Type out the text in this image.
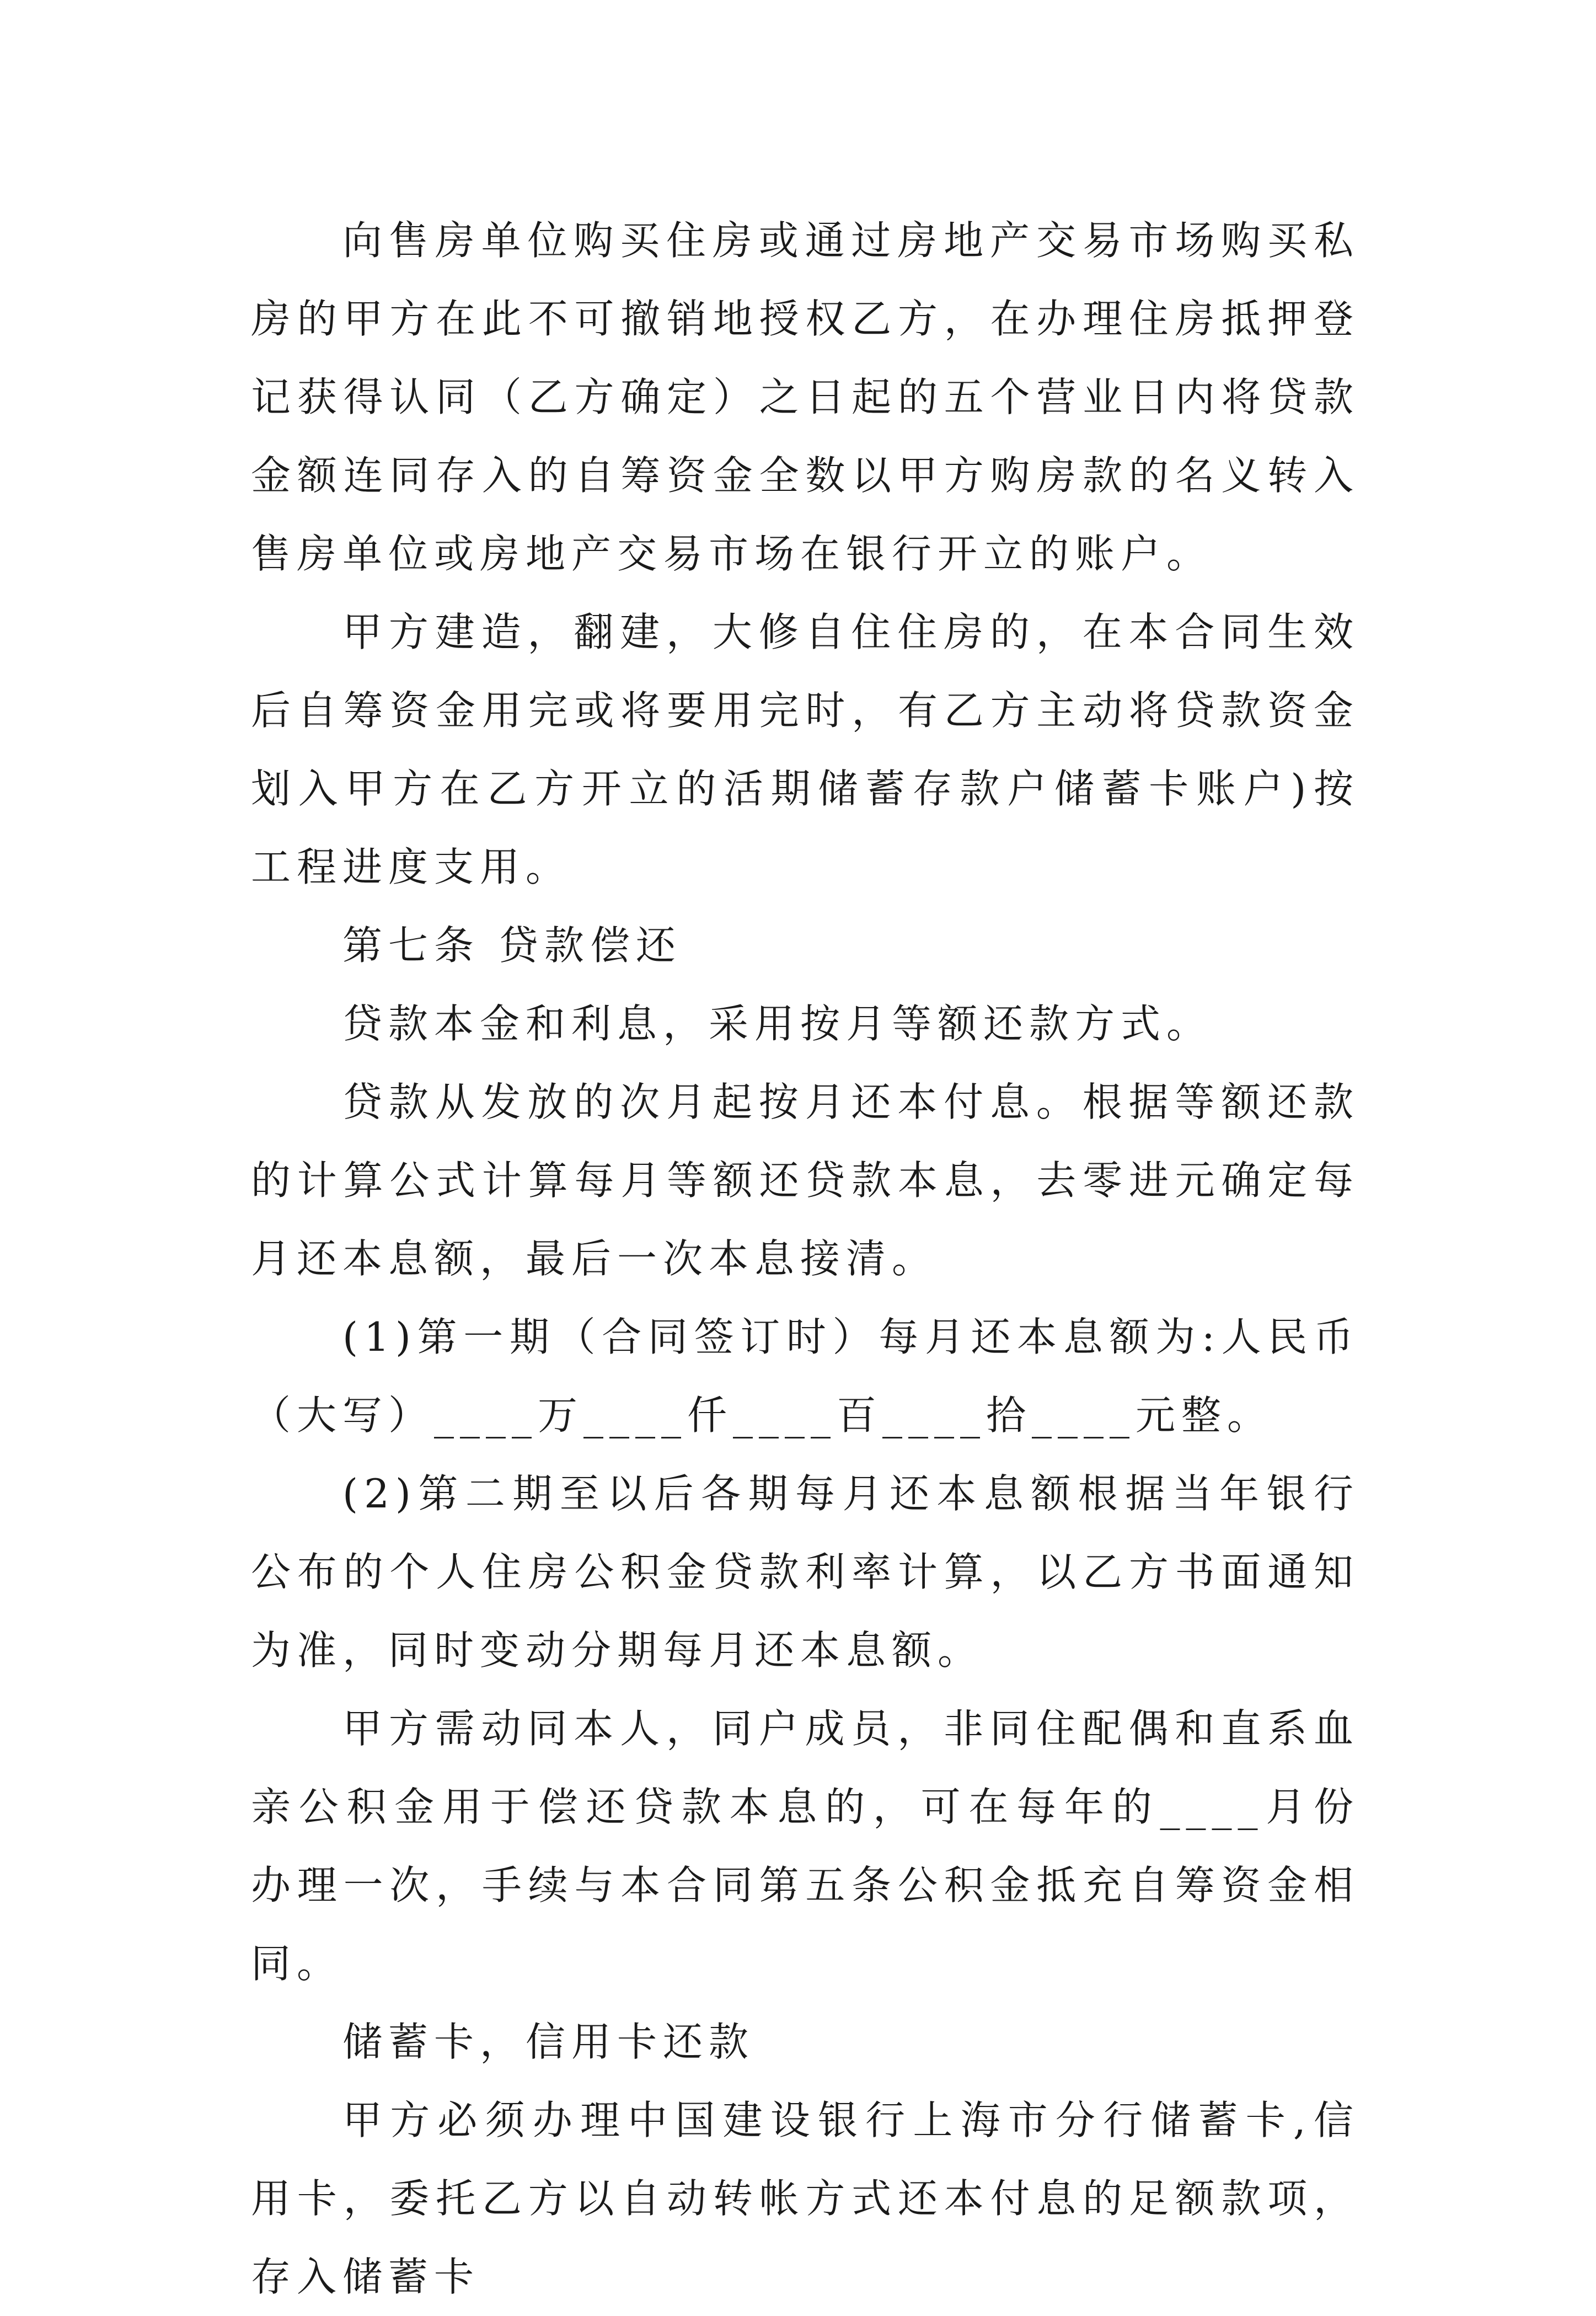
向售房单位购买住房或通过房地产交易市场购买私房的甲方在此不可撤销地授权乙方，在办理住房抵押登记获得认同（乙方确定）之日起的五个营业日内将贷款金额连同存入的自筹资金全数以甲方购房款的名义转入售房单位或房地产交易市场在银行开立的账户。

甲方建造，翻建，大修自住住房的，在本合同生效后自筹资金用完或将要用完时，有乙方主动将贷款资金划入甲方在乙方开立的活期储蓄存款户储蓄卡账户)按工程进度支用。

第七条 贷款偿还

贷款本金和利息，采用按月等额还款方式。

贷款从发放的次月起按月还本付息。根据等额还款的计算公式计算每月等额还贷款本息，去零进元确定每月还本息额，最后一次本息接清。

(1)第一期（合同签订时）每月还本息额为:人民币（大写）____万____仟____百____拾____元整。

(2)第二期至以后各期每月还本息额根据当年银行公布的个人住房公积金贷款利率计算，以乙方书面通知为准，同时变动分期每月还本息额。

甲方需动同本人，同户成员，非同住配偶和直系血亲公积金用于偿还贷款本息的，可在每年的____月份办理一次，手续与本合同第五条公积金抵充自筹资金相同。

储蓄卡，信用卡还款

甲方必须办理中国建设银行上海市分行储蓄卡,信用卡，委托乙方以自动转帐方式还本付息的足额款项，存入储蓄卡
